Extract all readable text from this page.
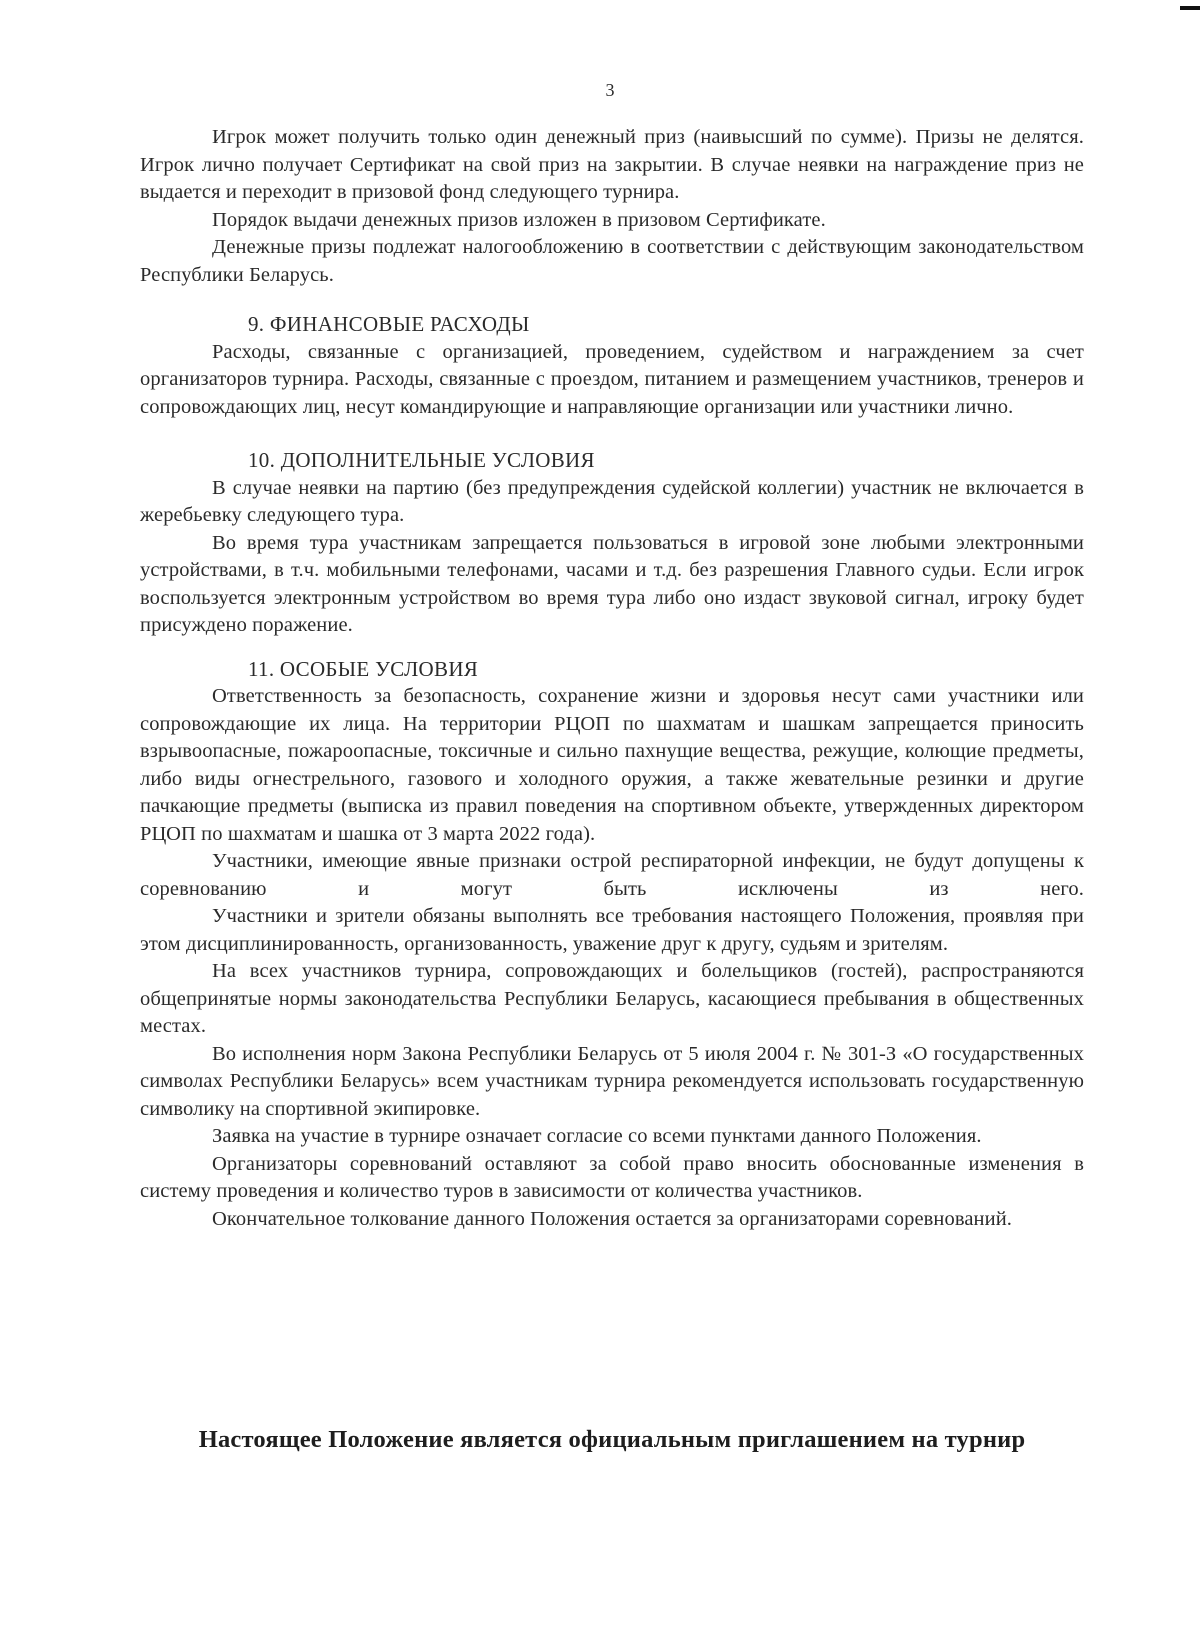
3

Игрок может получить только один денежный приз (наивысший по сумме). Призы не делятся. Игрок лично получает Сертификат на свой приз на закрытии. В случае неявки на награждение приз не выдается и переходит в призовой фонд следующего турнира.

Порядок выдачи денежных призов изложен в призовом Сертификате.

Денежные призы подлежат налогообложению в соответствии с действующим законодательством Республики Беларусь.

9. ФИНАНСОВЫЕ РАСХОДЫ

Расходы, связанные с организацией, проведением, судейством и награждением за счет организаторов турнира. Расходы, связанные с проездом, питанием и размещением участников, тренеров и сопровождающих лиц, несут командирующие и направляющие организации или участники лично.

10. ДОПОЛНИТЕЛЬНЫЕ УСЛОВИЯ

В случае неявки на партию (без предупреждения судейской коллегии) участник не включается в жеребьевку следующего тура.

Во время тура участникам запрещается пользоваться в игровой зоне любыми электронными устройствами, в т.ч. мобильными телефонами, часами и т.д. без разрешения Главного судьи. Если игрок воспользуется электронным устройством во время тура либо оно издаст звуковой сигнал, игроку будет присуждено поражение.

11. ОСОБЫЕ УСЛОВИЯ

Ответственность за безопасность, сохранение жизни и здоровья несут сами участники или сопровождающие их лица. На территории РЦОП по шахматам и шашкам запрещается приносить взрывоопасные, пожароопасные, токсичные и сильно пахнущие вещества, режущие, колющие предметы, либо виды огнестрельного, газового и холодного оружия, а также жевательные резинки и другие пачкающие предметы (выписка из правил поведения на спортивном объекте, утвержденных директором РЦОП по шахматам и шашка от 3 марта 2022 года).

Участники, имеющие явные признаки острой респираторной инфекции, не будут допущены к соревнованию и могут быть исключены из него.

Участники и зрители обязаны выполнять все требования настоящего Положения, проявляя при этом дисциплинированность, организованность, уважение друг к другу, судьям и зрителям.

На всех участников турнира, сопровождающих и болельщиков (гостей), распространяются общепринятые нормы законодательства Республики Беларусь, касающиеся пребывания в общественных местах.

Во исполнения норм Закона Республики Беларусь от 5 июля 2004 г. № 301-З «О государственных символах Республики Беларусь» всем участникам турнира рекомендуется использовать государственную символику на спортивной экипировке.

Заявка на участие в турнире означает согласие со всеми пунктами данного Положения.

Организаторы соревнований оставляют за собой право вносить обоснованные изменения в систему проведения и количество туров в зависимости от количества участников.

Окончательное толкование данного Положения остается за организаторами соревнований.

Настоящее Положение является официальным приглашением на турнир
